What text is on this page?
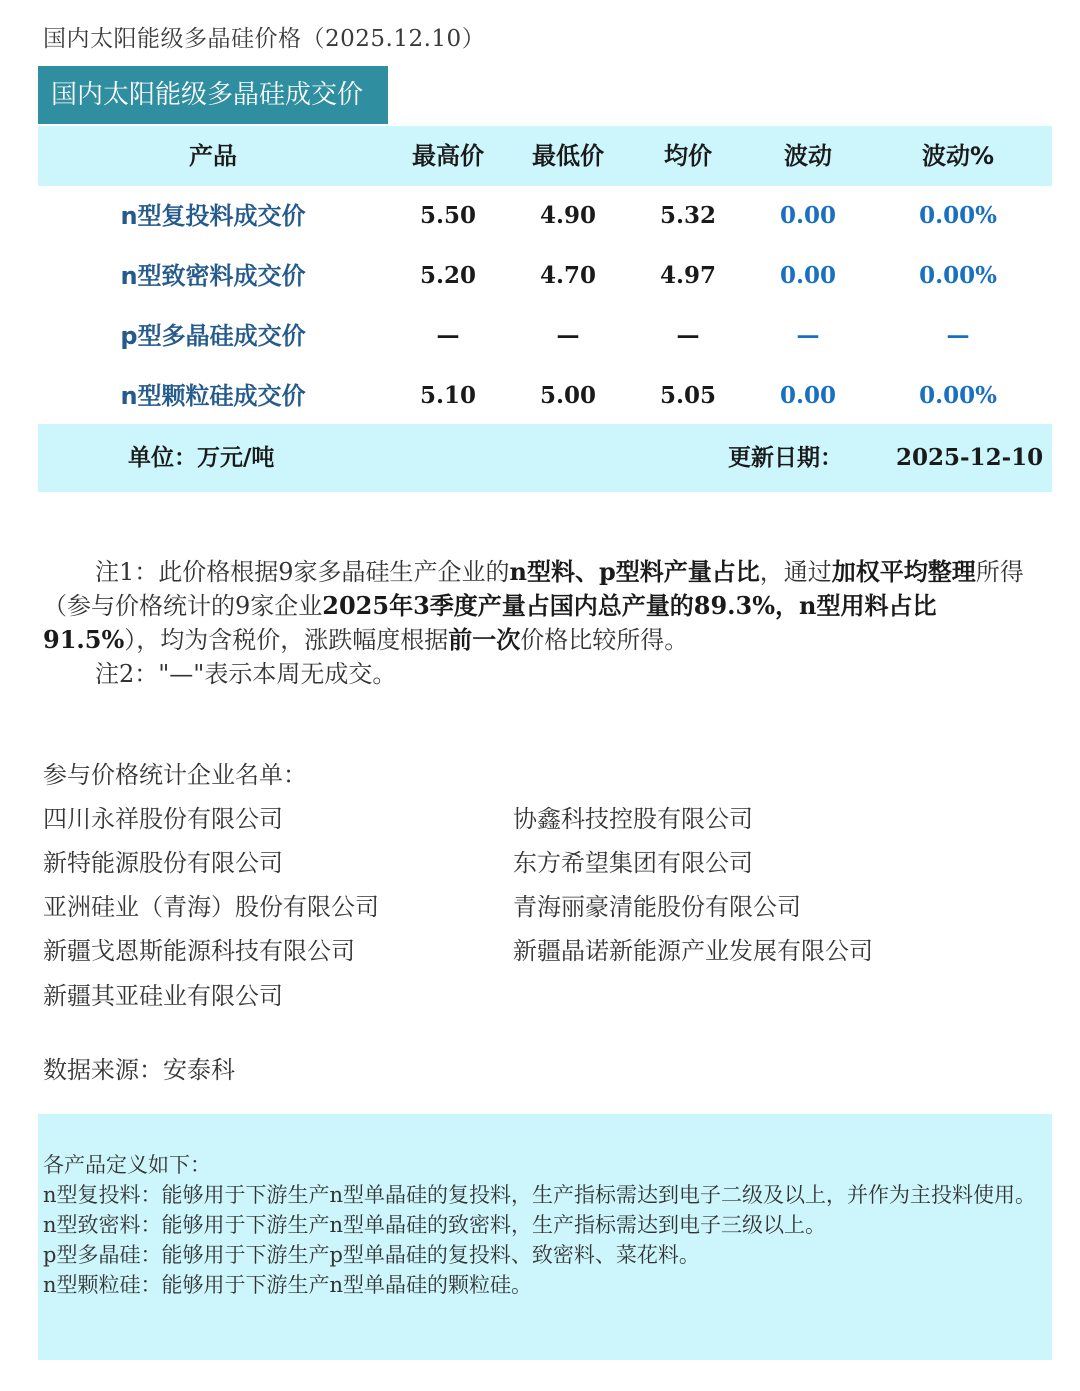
国内太阳能级多晶硅价格（2025.12.10）
国内太阳能级多晶硅成交价
产品	最高价	最低价	均价	波动	波动%
n型复投料成交价	5.50	4.90	5.32	0.00	0.00%
n型致密料成交价	5.20	4.70	4.97	0.00	0.00%
p型多晶硅成交价	—	—	—	—	—
n型颗粒硅成交价	5.10	5.00	5.05	0.00	0.00%
单位：万元/吨	更新日期：	2025-12-10

注1：此价格根据9家多晶硅生产企业的n型料、p型料产量占比，通过加权平均整理所得（参与价格统计的9家企业2025年3季度产量占国内总产量的89.3%，n型用料占比91.5%），均为含税价，涨跌幅度根据前一次价格比较所得。

注2："—"表示本周无成交。

参与价格统计企业名单：
四川永祥股份有限公司
新特能源股份有限公司
亚洲硅业（青海）股份有限公司
新疆戈恩斯能源科技有限公司
新疆其亚硅业有限公司
协鑫科技控股有限公司
东方希望集团有限公司
青海丽豪清能股份有限公司
新疆晶诺新能源产业发展有限公司
数据来源：安泰科

各产品定义如下：

n型复投料：能够用于下游生产n型单晶硅的复投料，生产指标需达到电子二级及以上，并作为主投料使用。

n型致密料：能够用于下游生产n型单晶硅的致密料，生产指标需达到电子三级以上。

p型多晶硅：能够用于下游生产p型单晶硅的复投料、致密料、菜花料。

n型颗粒硅：能够用于下游生产n型单晶硅的颗粒硅。
